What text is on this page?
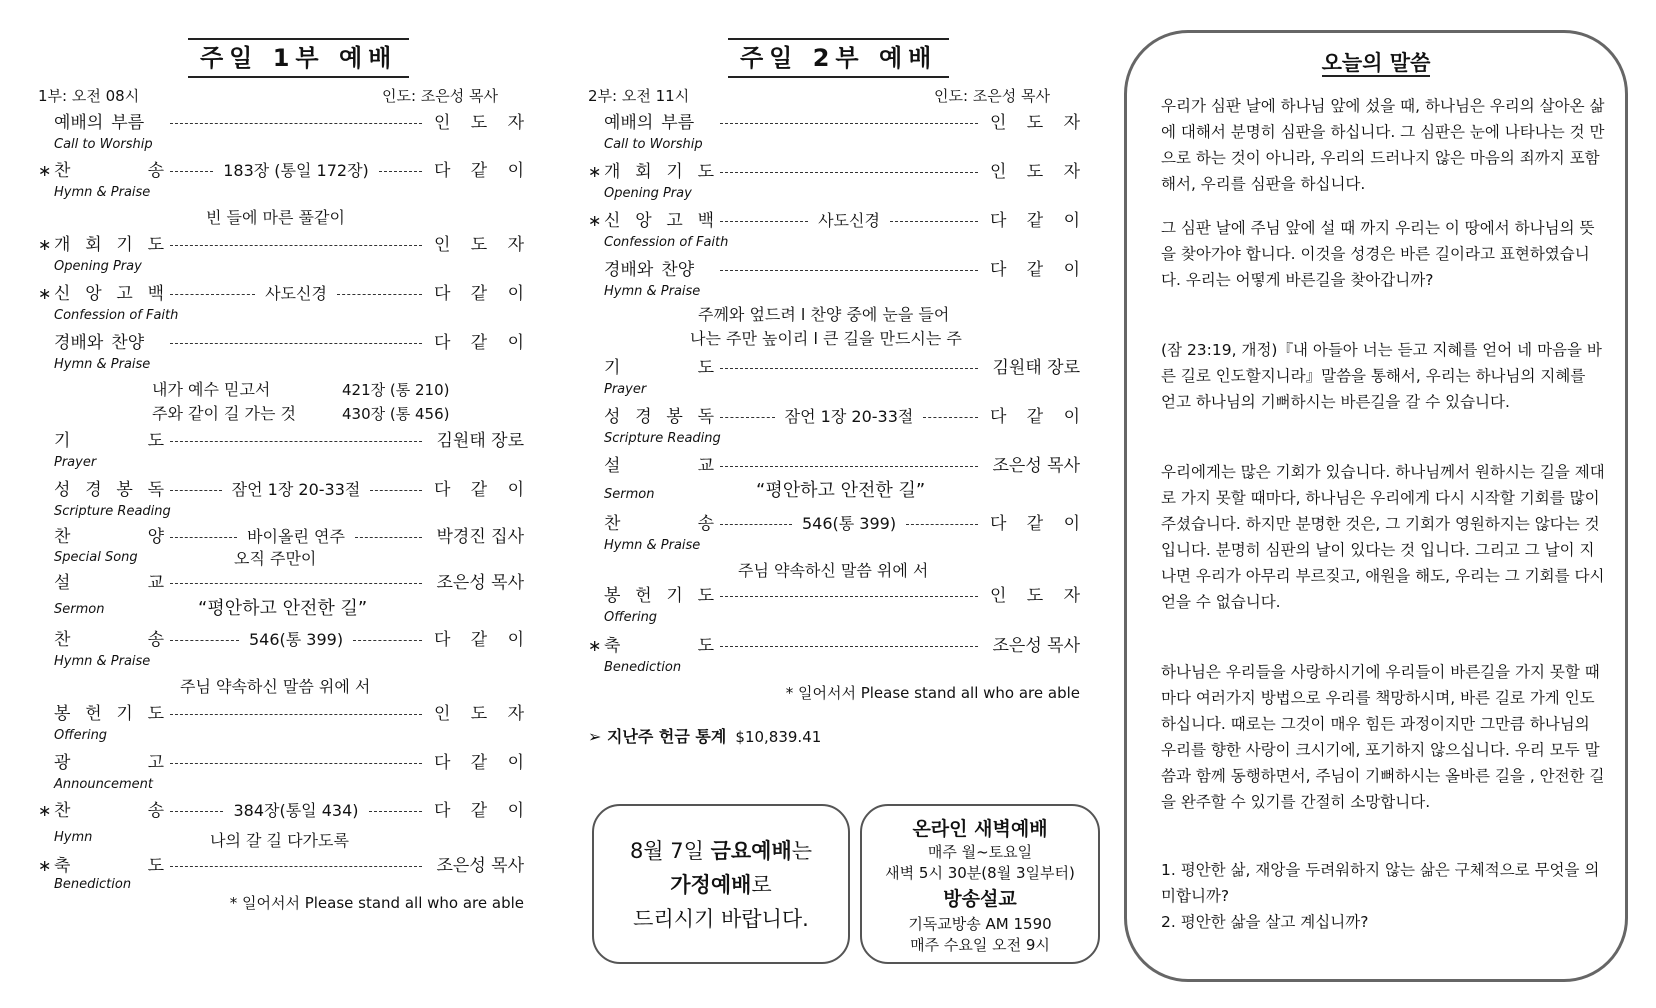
주일 1부 예배
1부: 오전 08시	인도: 조은성 목사
예배의 부름	인 도 자
Call to Worship
∗ 찬	송	183장 (통일 172장)	다 같 이
Hymn & Praise
∗ 개 회 기 도	인 도 자
Opening Pray
∗ 신 앙 고 백	사도신경	다 같 이
Confession of Faith
경배와 찬양	다 같 이
Hymn & Praise
기	도	김원태 장로
Prayer
성 경 봉 독	잠언 1장 20-33절	다 같 이
Scripture Reading
찬	양	바이올린 연주	박경진 집사
Special Song
설	교	조은성 목사
Sermon
찬	송	546(통 399)	다 같 이
Hymn & Praise
봉 헌 기 도	인 도 자
Offering
광	고	다 같 이
Announcement
∗ 찬	송	384장(통일 434)	다 같 이
Hymn
∗ 축	도	조은성 목사
Benediction
빈 들에 마른 풀같이
내가 예수 믿고서	421장 (통 210)
주와 같이 길 가는 것	430장 (통 456)
오직 주만이
“평안하고 안전한 길”
주님 약속하신 말씀 위에 서
나의 갈 길 다가도록
* 일어서서 Please stand all who are able
주일 2부 예배
2부: 오전 11시	인도: 조은성 목사
예배의 부름	인 도 자
Call to Worship
∗ 개 회 기 도	인 도 자
Opening Pray
∗ 신 앙 고 백	사도신경	다 같 이
Confession of Faith
경배와 찬양	다 같 이
Hymn & Praise
기	도	김원태 장로
Prayer
성 경 봉 독	잠언 1장 20-33절	다 같 이
Scripture Reading
설	교	조은성 목사
Sermon
찬	송	546(통 399)	다 같 이
Hymn & Praise
봉 헌 기 도	인 도 자
Offering
∗ 축	도	조은성 목사
Benediction
주께와 엎드려 l 찬양 중에 눈을 들어
나는 주만 높이리 l 큰 길을 만드시는 주
“평안하고 안전한 길”
주님 약속하신 말씀 위에 서
* 일어서서 Please stand all who are able
➢ 지난주 헌금 통계 $10,839.41
8월 7일 금요예배는
가정예배로
드리시기 바랍니다.
온라인 새벽예배
매주 월~토요일
새벽 5시 30분(8월 3일부터)
방송설교
기독교방송 AM 1590
매주 수요일 오전 9시
오늘의 말씀

우리가 심판 날에 하나님 앞에 섰을 때, 하나님은 우리의 살아온 삶에 대해서 분명히 심판을 하십니다. 그 심판은 눈에 나타나는 것 만으로 하는 것이 아니라, 우리의 드러나지 않은 마음의 죄까지 포함해서, 우리를 심판을 하십니다.

그 심판 날에 주님 앞에 설 때 까지 우리는 이 땅에서 하나님의 뜻을 찾아가야 합니다. 이것을 성경은 바른 길이라고 표현하였습니다. 우리는 어떻게 바른길을 찾아갑니까?

(잠 23:19, 개정)『내 아들아 너는 듣고 지혜를 얻어 네 마음을 바른 길로 인도할지니라』말씀을 통해서, 우리는 하나님의 지혜를 얻고 하나님의 기뻐하시는 바른길을 갈 수 있습니다.

우리에게는 많은 기회가 있습니다. 하나님께서 원하시는 길을 제대로 가지 못할 때마다, 하나님은 우리에게 다시 시작할 기회를 많이 주셨습니다. 하지만 분명한 것은, 그 기회가 영원하지는 않다는 것입니다. 분명히 심판의 날이 있다는 것 입니다. 그리고 그 날이 지나면 우리가 아무리 부르짖고, 애원을 해도, 우리는 그 기회를 다시 얻을 수 없습니다.

하나님은 우리들을 사랑하시기에 우리들이 바른길을 가지 못할 때 마다 여러가지 방법으로 우리를 책망하시며, 바른 길로 가게 인도하십니다. 때로는 그것이 매우 힘든 과정이지만 그만큼 하나님의 우리를 향한 사랑이 크시기에, 포기하지 않으십니다. 우리 모두 말씀과 함께 동행하면서, 주님이 기뻐하시는 올바른 길을 , 안전한 길을 완주할 수 있기를 간절히 소망합니다.

1. 평안한 삶, 재앙을 두려워하지 않는 삶은 구체적으로 무엇을 의미합니까?

2. 평안한 삶을 살고 계십니까?
